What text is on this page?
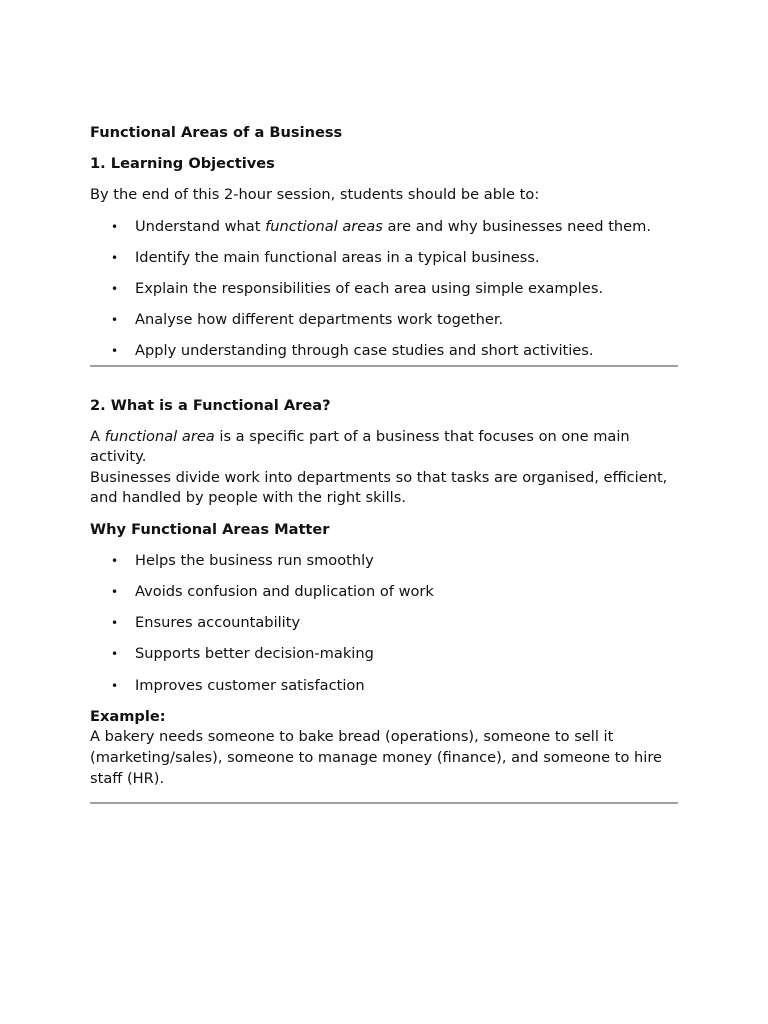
Functional Areas of a Business
1. Learning Objectives
By the end of this 2-hour session, students should be able to:
• Understand what functional areas are and why businesses need them.
• Identify the main functional areas in a typical business.
• Explain the responsibilities of each area using simple examples.
• Analyse how different departments work together.
• Apply understanding through case studies and short activities.
2. What is a Functional Area?
A functional area is a specific part of a business that focuses on one main activity.
Businesses divide work into departments so that tasks are organised, efficient, and handled by people with the right skills.
Why Functional Areas Matter
• Helps the business run smoothly
• Avoids confusion and duplication of work
• Ensures accountability
• Supports better decision-making
• Improves customer satisfaction
Example:
A bakery needs someone to bake bread (operations), someone to sell it (marketing/sales), someone to manage money (finance), and someone to hire staff (HR).
